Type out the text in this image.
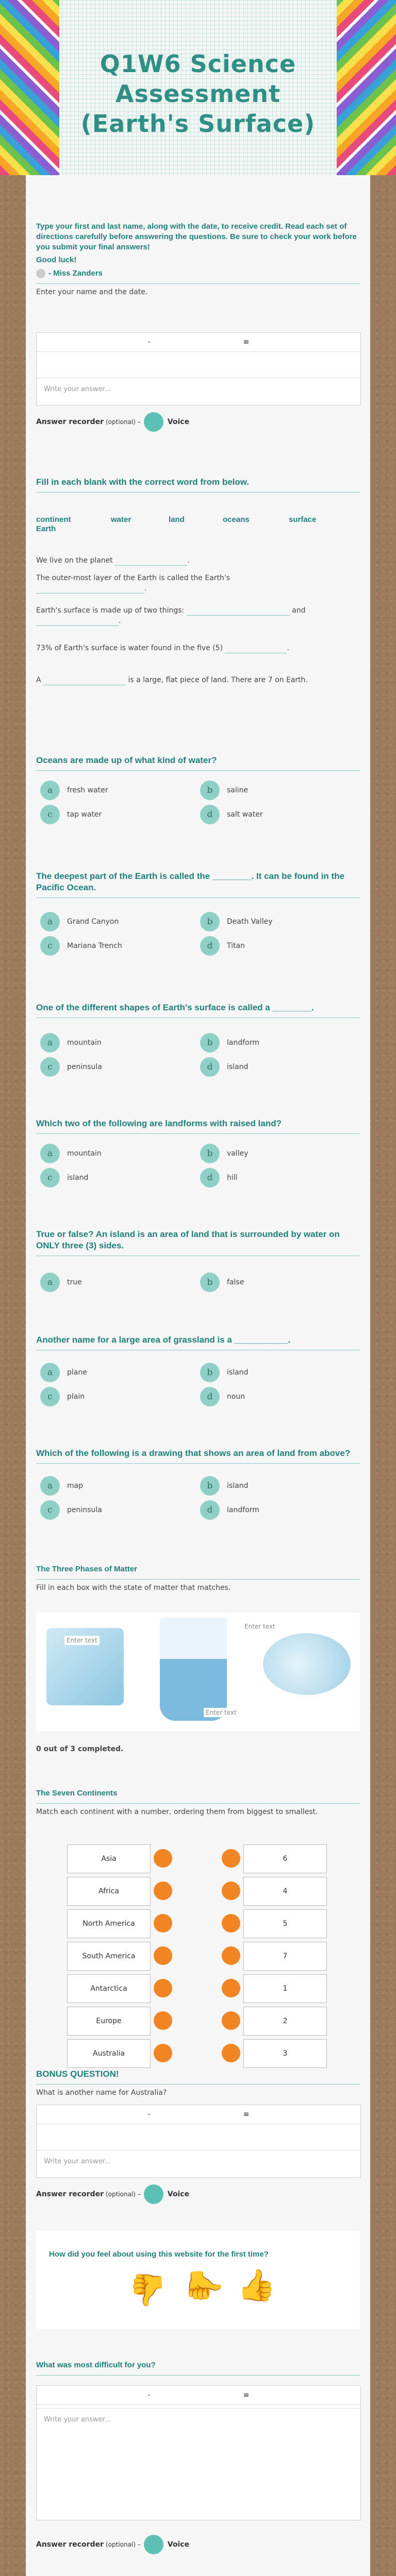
Q1W6 Science Assessment (Earth's Surface)
Type your first and last name, along with the date, to receive credit. Read each set of directions carefully before answering the questions. Be sure to check your work before you submit your final answers!
Good luck!
- Miss Zanders
Enter your name and the date.
-	≡
Write your answer...
Answer recorder (optional) –	Voice
Fill in each blank with the correct word from below.
continent	water	land	oceans	surface
Earth
We live on the planet	.
The outer-most layer of the Earth is called the Earth's
.
Earth's surface is made up of two things:	and
.
73% of Earth's surface is water found in the five (5)	.
A	is a large, flat piece of land. There are 7 on Earth.
Oceans are made up of what kind of water?
a	fresh water	b	saline
c	tap water	d	salt water
The deepest part of the Earth is called the ________. It can be found in the Pacific Ocean.
a	Grand Canyon	b	Death Valley
c	Mariana Trench	d	Titan
One of the different shapes of Earth's surface is called a ________.
a	mountain	b	landform
c	peninsula	d	island
Which two of the following are landforms with raised land?
a	mountain	b	valley
c	island	d	hill
True or false? An island is an area of land that is surrounded by water on ONLY three (3) sides.
a	true	b	false
Another name for a large area of grassland is a ___________.
a	plane	b	island
c	plain	d	noun
Which of the following is a drawing that shows an area of land from above?
a	map	b	island
c	peninsula	d	landform
The Three Phases of Matter
Fill in each box with the state of matter that matches.
Enter text
Enter text
Enter text
0 out of 3 completed.
The Seven Continents
Match each continent with a number, ordering them from biggest to smallest.
Asia	6
Africa	4
North America	5
South America	7
Antarctica	1
Europe	2
Australia	3
BONUS QUESTION!
What is another name for Australia?
-	≡
Write your answer...
Answer recorder (optional) –	Voice
How did you feel about using this website for the first time?
👍 👍 👍
What was most difficult for you?
-	≡
Write your answer...
Answer recorder (optional) –	Voice
